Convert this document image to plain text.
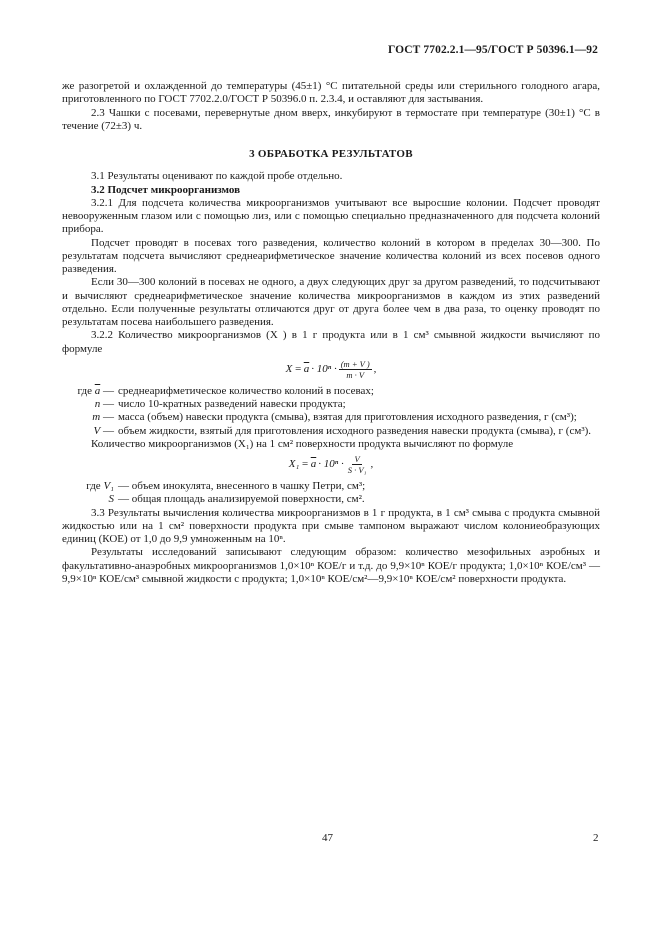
ГОСТ 7702.2.1—95/ГОСТ Р 50396.1—92

же разогретой и охлажденной до температуры (45±1) °С питательной среды или стерильного голодного агара, приготовленного по ГОСТ 7702.2.0/ГОСТ Р 50396.0 п. 2.3.4, и оставляют для застывания.

2.3 Чашки с посевами, перевернутые дном вверх, инкубируют в термостате при температуре (30±1) °С в течение (72±3) ч.

3 ОБРАБОТКА РЕЗУЛЬТАТОВ

3.1 Результаты оценивают по каждой пробе отдельно.

3.2 Подсчет микроорганизмов

3.2.1 Для подсчета количества микроорганизмов учитывают все выросшие колонии. Подсчет проводят невооруженным глазом или с помощью лиз, или с помощью специально предназначенного для подсчета колоний прибора.

Подсчет проводят в посевах того разведения, количество колоний в котором в пределах 30—300. По результатам подсчета вычисляют среднеарифметическое значение количества колоний из всех посевов одного разведения.

Если 30—300 колоний в посевах не одного, а двух следующих друг за другом разведений, то подсчитывают и вычисляют среднеарифметическое значение количества микроорганизмов в каждом из этих разведений отдельно. Если полученные результаты отличаются друг от друга более чем в два раза, то оценку проводят по результатам посева наибольшего разведения.

3.2.2 Количество микроорганизмов (X ) в 1 г продукта или в 1 см³ смывной жидкости вычисляют по формуле

$X = \overline{a} \cdot 10^n \cdot \frac{(m + V )}{m \cdot V}$ ,
где $\overline{a}$ — среднеарифметическое количество колоний в посевах;
n — число 10-кратных разведений навески продукта;
m — масса (объем) навески продукта (смыва), взятая для приготовления исходного разведения, г (см³);
V — объем жидкости, взятый для приготовления исходного разведения навески продукта (смыва), г (см³).

Количество микроорганизмов (X₁) на 1 см² поверхности продукта вычисляют по формуле

$X_1 = \overline{a} \cdot 10^n \cdot \frac{V}{\text{S · V₁}}$ ,
где V₁ — объем инокулята, внесенного в чашку Петри, см³;
S — общая площадь анализируемой поверхности, см².

3.3 Результаты вычисления количества микроорганизмов в 1 г продукта, в 1 см³ смыва с продукта смывной жидкостью или на 1 см² поверхности продукта при смыве тампоном выражают числом колониеобразующих единиц (КОЕ) от 1,0 до 9,9 умноженным на 10ⁿ.

Результаты исследований записывают следующим образом: количество мезофильных аэробных и факультативно-анаэробных микроорганизмов 1,0×10ⁿ КОЕ/г и т.д. до 9,9×10ⁿ КОЕ/г продукта; 1,0×10ⁿ КОЕ/см³ — 9,9×10ⁿ КОЕ/см³ смывной жидкости с продукта; 1,0×10ⁿ КОЕ/см²—9,9×10ⁿ КОЕ/см² поверхности продукта.

47	2
